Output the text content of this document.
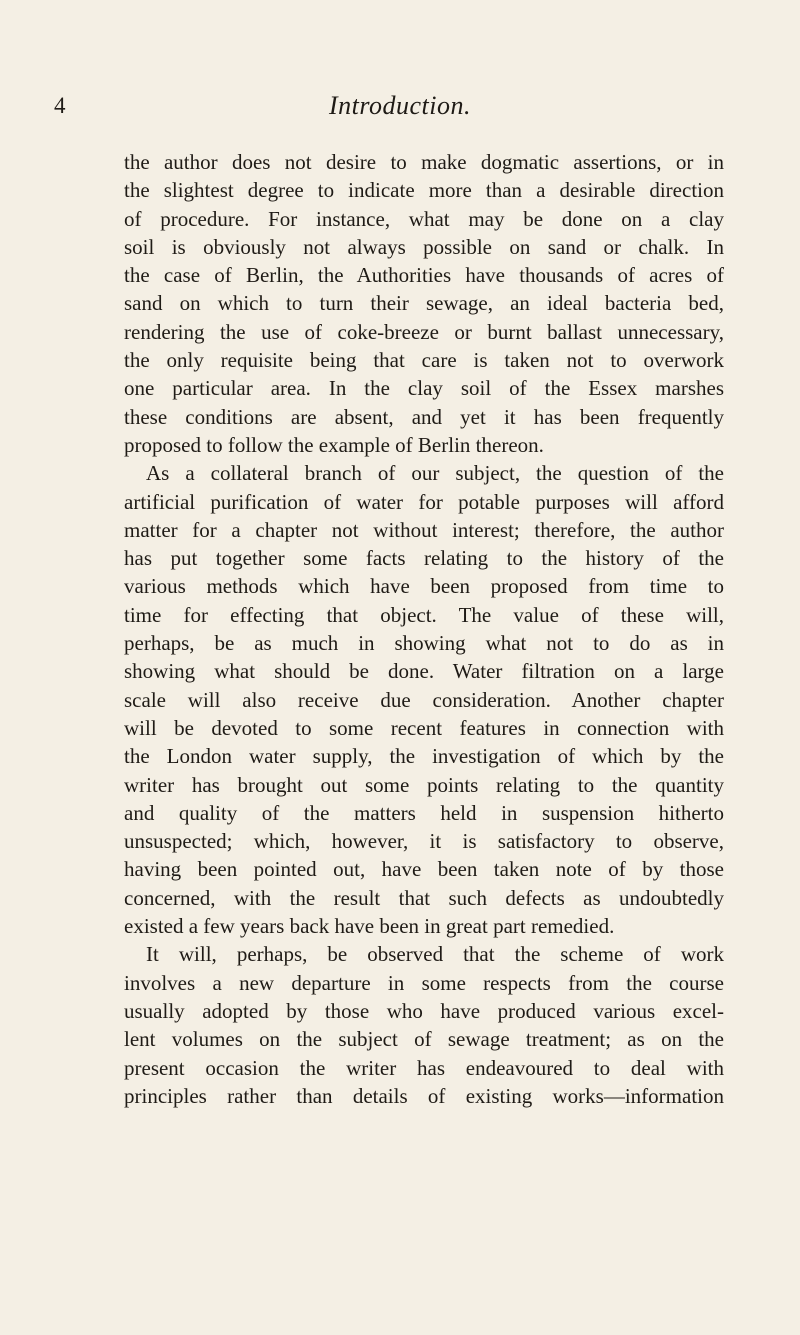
4	Introduction.
the author does not desire to make dogmatic assertions, or in
the slightest degree to indicate more than a desirable direction
of procedure. For instance, what may be done on a clay
soil is obviously not always possible on sand or chalk. In
the case of Berlin, the Authorities have thousands of acres of
sand on which to turn their sewage, an ideal bacteria bed,
rendering the use of coke-breeze or burnt ballast unnecessary,
the only requisite being that care is taken not to overwork
one particular area. In the clay soil of the Essex marshes
these conditions are absent, and yet it has been frequently
proposed to follow the example of Berlin thereon.
As a collateral branch of our subject, the question of the
artificial purification of water for potable purposes will afford
matter for a chapter not without interest; therefore, the author
has put together some facts relating to the history of the
various methods which have been proposed from time to
time for effecting that object. The value of these will,
perhaps, be as much in showing what not to do as in
showing what should be done. Water filtration on a large
scale will also receive due consideration. Another chapter
will be devoted to some recent features in connection with
the London water supply, the investigation of which by the
writer has brought out some points relating to the quantity
and quality of the matters held in suspension hitherto
unsuspected; which, however, it is satisfactory to observe,
having been pointed out, have been taken note of by those
concerned, with the result that such defects as undoubtedly
existed a few years back have been in great part remedied.
It will, perhaps, be observed that the scheme of work
involves a new departure in some respects from the course
usually adopted by those who have produced various excel-
lent volumes on the subject of sewage treatment; as on the
present occasion the writer has endeavoured to deal with
principles rather than details of existing works—information
